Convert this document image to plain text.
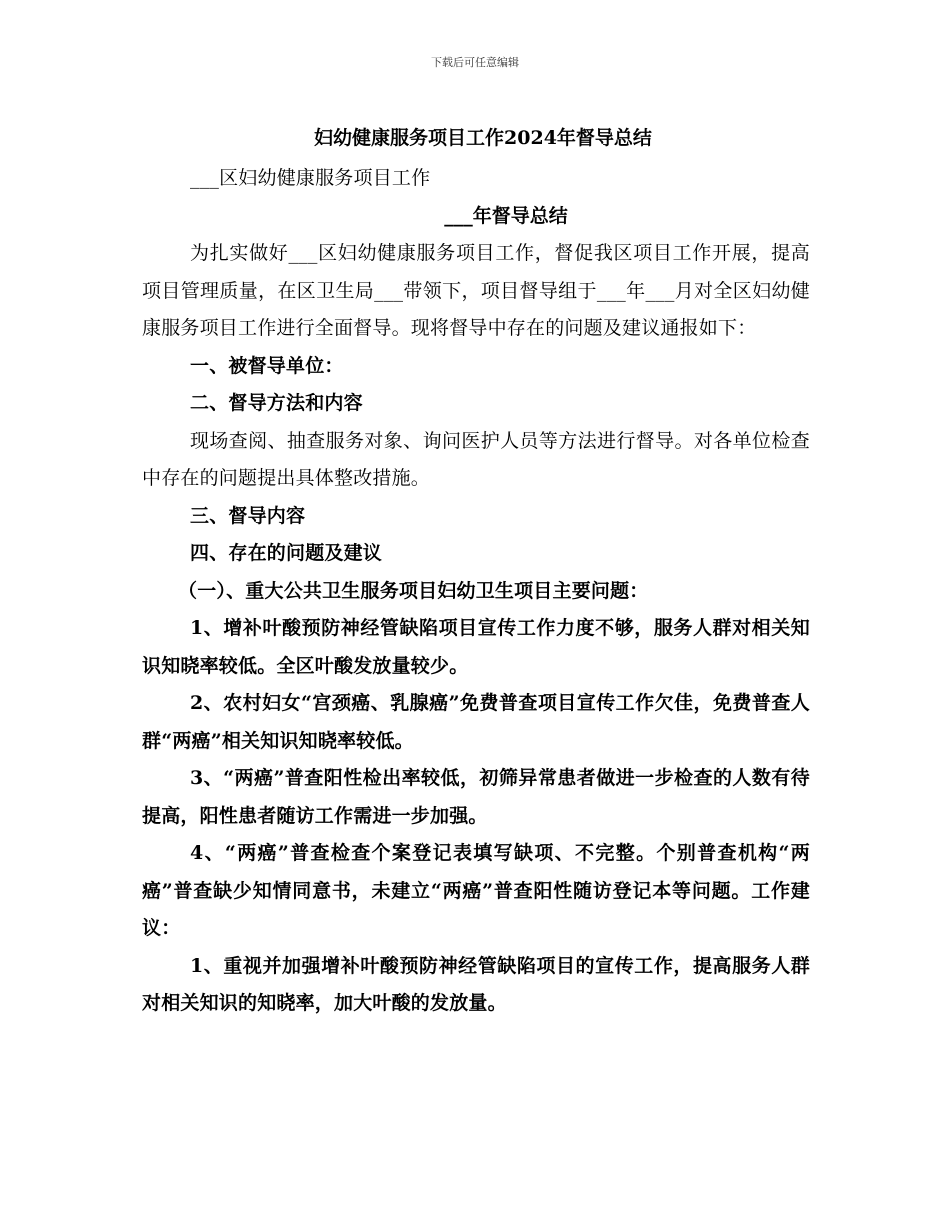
下载后可任意编辑
妇幼健康服务项目工作2024年督导总结

___区妇幼健康服务项目工作

___年督导总结

为扎实做好___区妇幼健康服务项目工作，督促我区项目工作开展，提高项目管理质量，在区卫生局___带领下，项目督导组于___年___月对全区妇幼健康服务项目工作进行全面督导。现将督导中存在的问题及建议通报如下：

一、被督导单位：

二、督导方法和内容

现场查阅、抽查服务对象、询问医护人员等方法进行督导。对各单位检查中存在的问题提出具体整改措施。

三、督导内容

四、存在的问题及建议

（一）、重大公共卫生服务项目妇幼卫生项目主要问题：

1、增补叶酸预防神经管缺陷项目宣传工作力度不够，服务人群对相关知识知晓率较低。全区叶酸发放量较少。

2、农村妇女“宫颈癌、乳腺癌”免费普查项目宣传工作欠佳，免费普查人群“两癌”相关知识知晓率较低。

3、“两癌”普查阳性检出率较低，初筛异常患者做进一步检查的人数有待提高，阳性患者随访工作需进一步加强。

4、“两癌”普查检查个案登记表填写缺项、不完整。个别普查机构“两癌”普查缺少知情同意书，未建立“两癌”普查阳性随访登记本等问题。工作建议：

1、重视并加强增补叶酸预防神经管缺陷项目的宣传工作，提高服务人群对相关知识的知晓率，加大叶酸的发放量。
